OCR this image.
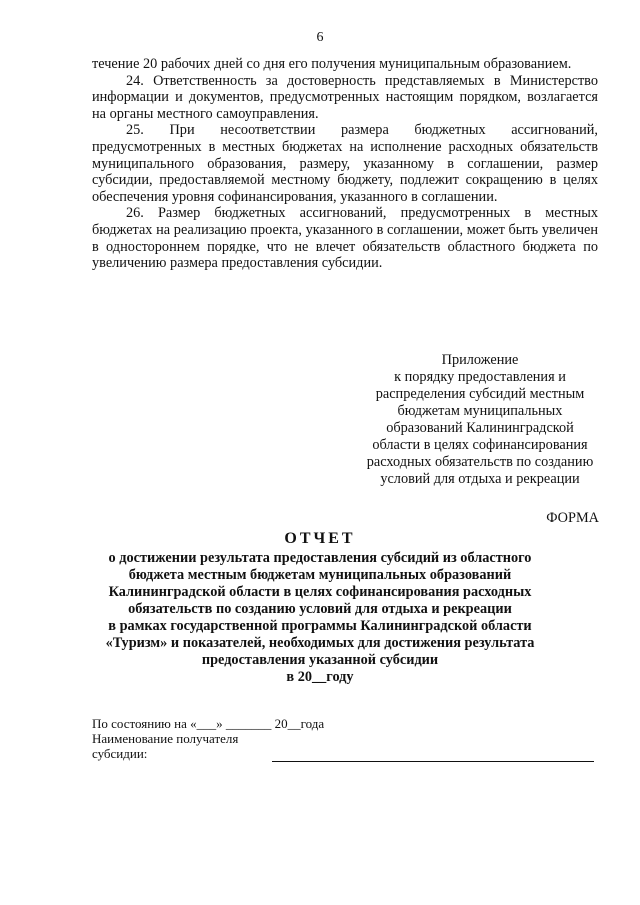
6

течение 20 рабочих дней со дня его получения муниципальным образованием.

24. Ответственность за достоверность представляемых в Министерство информации и документов, предусмотренных настоящим порядком, возлагается на органы местного самоуправления.

25. При несоответствии размера бюджетных ассигнований, предусмотренных в местных бюджетах на исполнение расходных обязательств муниципального образования, размеру, указанному в соглашении, размер субсидии, предоставляемой местному бюджету, подлежит сокращению в целях обеспечения уровня софинансирования, указанного в соглашении.

26. Размер бюджетных ассигнований, предусмотренных в местных бюджетах на реализацию проекта, указанного в соглашении, может быть увеличен в одностороннем порядке, что не влечет обязательств областного бюджета по увеличению размера предоставления субсидии.

Приложение
к порядку предоставления и
распределения субсидий местным
бюджетам муниципальных
образований Калининградской
области в целях софинансирования
расходных обязательств по созданию
условий для отдыха и рекреации
ФОРМА
ОТЧЕТ
о достижении результата предоставления субсидий из областного
бюджета местным бюджетам муниципальных образований
Калининградской области в целях софинансирования расходных
обязательств по созданию условий для отдыха и рекреации
в рамках государственной программы Калининградской области
«Туризм» и показателей, необходимых для достижения результата
предоставления указанной субсидии
в 20__году
По состоянию на «___» _______ 20__года
Наименование получателя
субсидии:
